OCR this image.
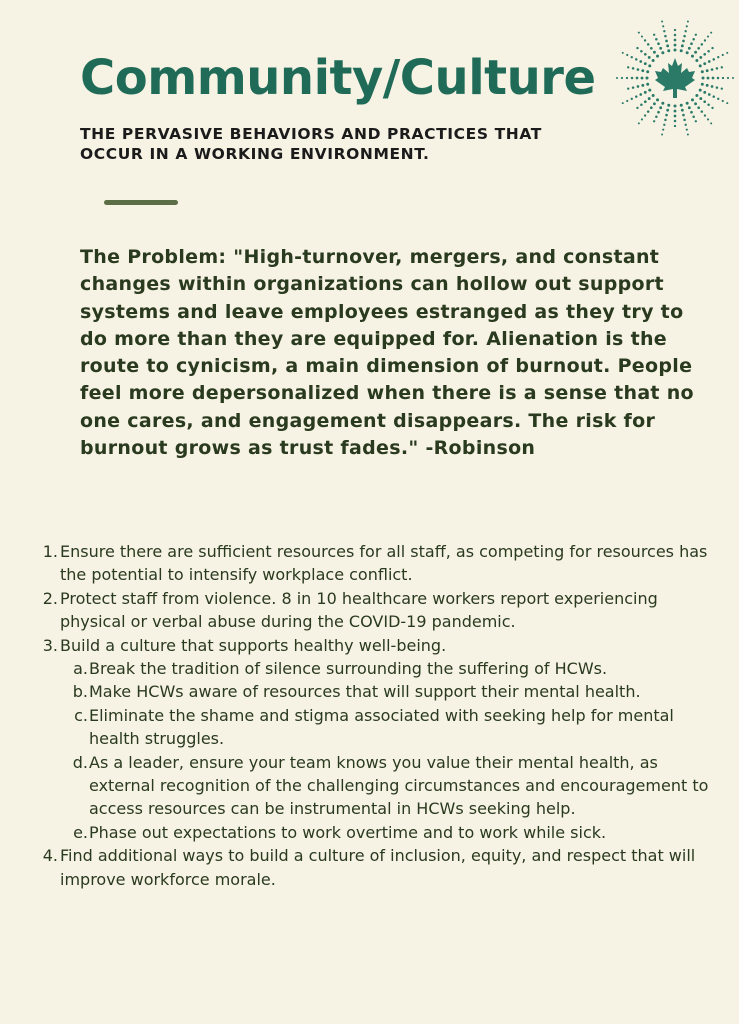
Community/Culture

THE PERVASIVE BEHAVIORS AND PRACTICES THAT OCCUR IN A WORKING ENVIRONMENT.

The Problem: "High-turnover, mergers, and constant changes within organizations can hollow out support systems and leave employees estranged as they try to do more than they are equipped for. Alienation is the route to cynicism, a main dimension of burnout. People feel more depersonalized when there is a sense that no one cares, and engagement disappears. The risk for burnout grows as trust fades." -Robinson

1. Ensure there are sufficient resources for all staff, as competing for resources has the potential to intensify workplace conflict.
2. Protect staff from violence. 8 in 10 healthcare workers report experiencing physical or verbal abuse during the COVID-19 pandemic.
3. Build a culture that supports healthy well-being.
a. Break the tradition of silence surrounding the suffering of HCWs.
b. Make HCWs aware of resources that will support their mental health.
c. Eliminate the shame and stigma associated with seeking help for mental health struggles.
d. As a leader, ensure your team knows you value their mental health, as external recognition of the challenging circumstances and encouragement to access resources can be instrumental in HCWs seeking help.
e. Phase out expectations to work overtime and to work while sick.
4. Find additional ways to build a culture of inclusion, equity, and respect that will improve workforce morale.
